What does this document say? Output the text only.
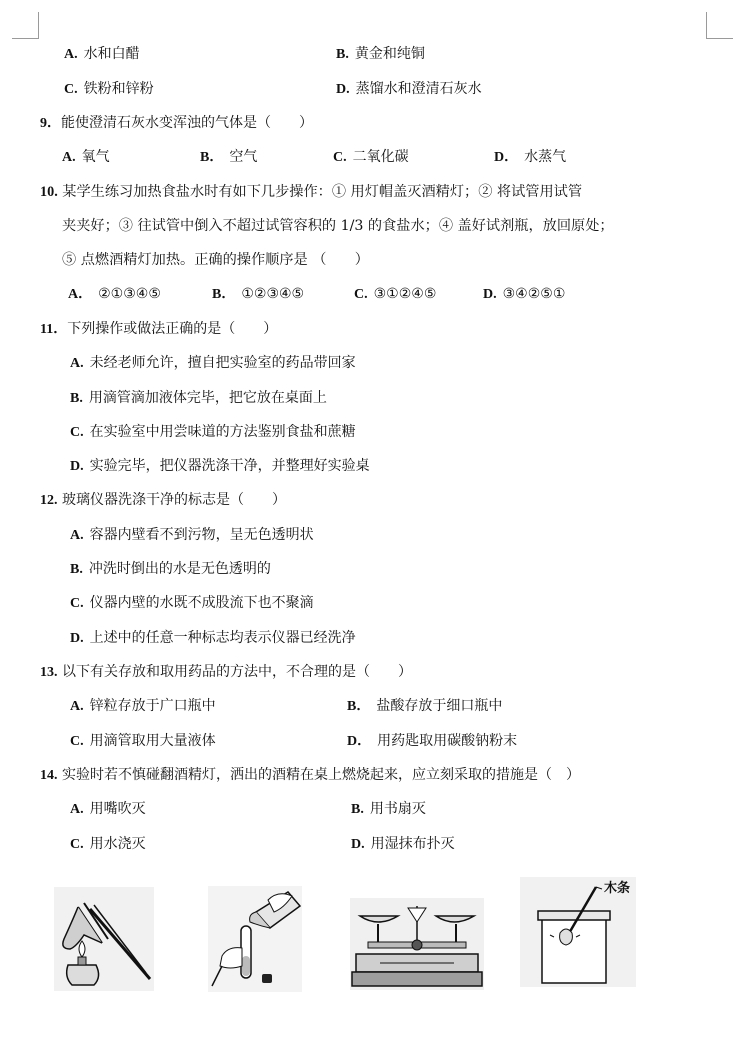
A. 水和白醋	B. 黄金和纯铜
C. 铁粉和锌粉	D. 蒸馏水和澄清石灰水
9．能使澄清石灰水变浑浊的气体是（　　）
A. 氧气	B． 空气	C. 二氧化碳	D． 水蒸气
10. 某学生练习加热食盐水时有如下几步操作：① 用灯帽盖灭酒精灯；② 将试管用试管
夹夹好；③ 往试管中倒入不超过试管容积的 1/3 的食盐水；④ 盖好试剂瓶，放回原处；
⑤ 点燃酒精灯加热。正确的操作顺序是 （　　）
A． ②①③④⑤	B． ①②③④⑤	C. ③①②④⑤	D. ③④②⑤①
11．下列操作或做法正确的是（　　）
A. 未经老师允许，擅自把实验室的药品带回家
B. 用滴管滴加液体完毕，把它放在桌面上
C. 在实验室中用尝味道的方法鉴别食盐和蔗糖
D. 实验完毕，把仪器洗涤干净，并整理好实验桌
12. 玻璃仪器洗涤干净的标志是（　　）
A. 容器内壁看不到污物，呈无色透明状
B. 冲洗时倒出的水是无色透明的
C. 仪器内壁的水既不成股流下也不聚滴
D. 上述中的任意一种标志均表示仪器已经洗净
13. 以下有关存放和取用药品的方法中，不合理的是（　　）
A. 锌粒存放于广口瓶中	B． 盐酸存放于细口瓶中
C. 用滴管取用大量液体	D． 用药匙取用碳酸钠粉末
14. 实验时若不慎碰翻酒精灯，洒出的酒精在桌上燃烧起来，应立刻采取的措施是（　）
A. 用嘴吹灭	B. 用书扇灭
C. 用水浇灭	D. 用湿抹布扑灭
木条
